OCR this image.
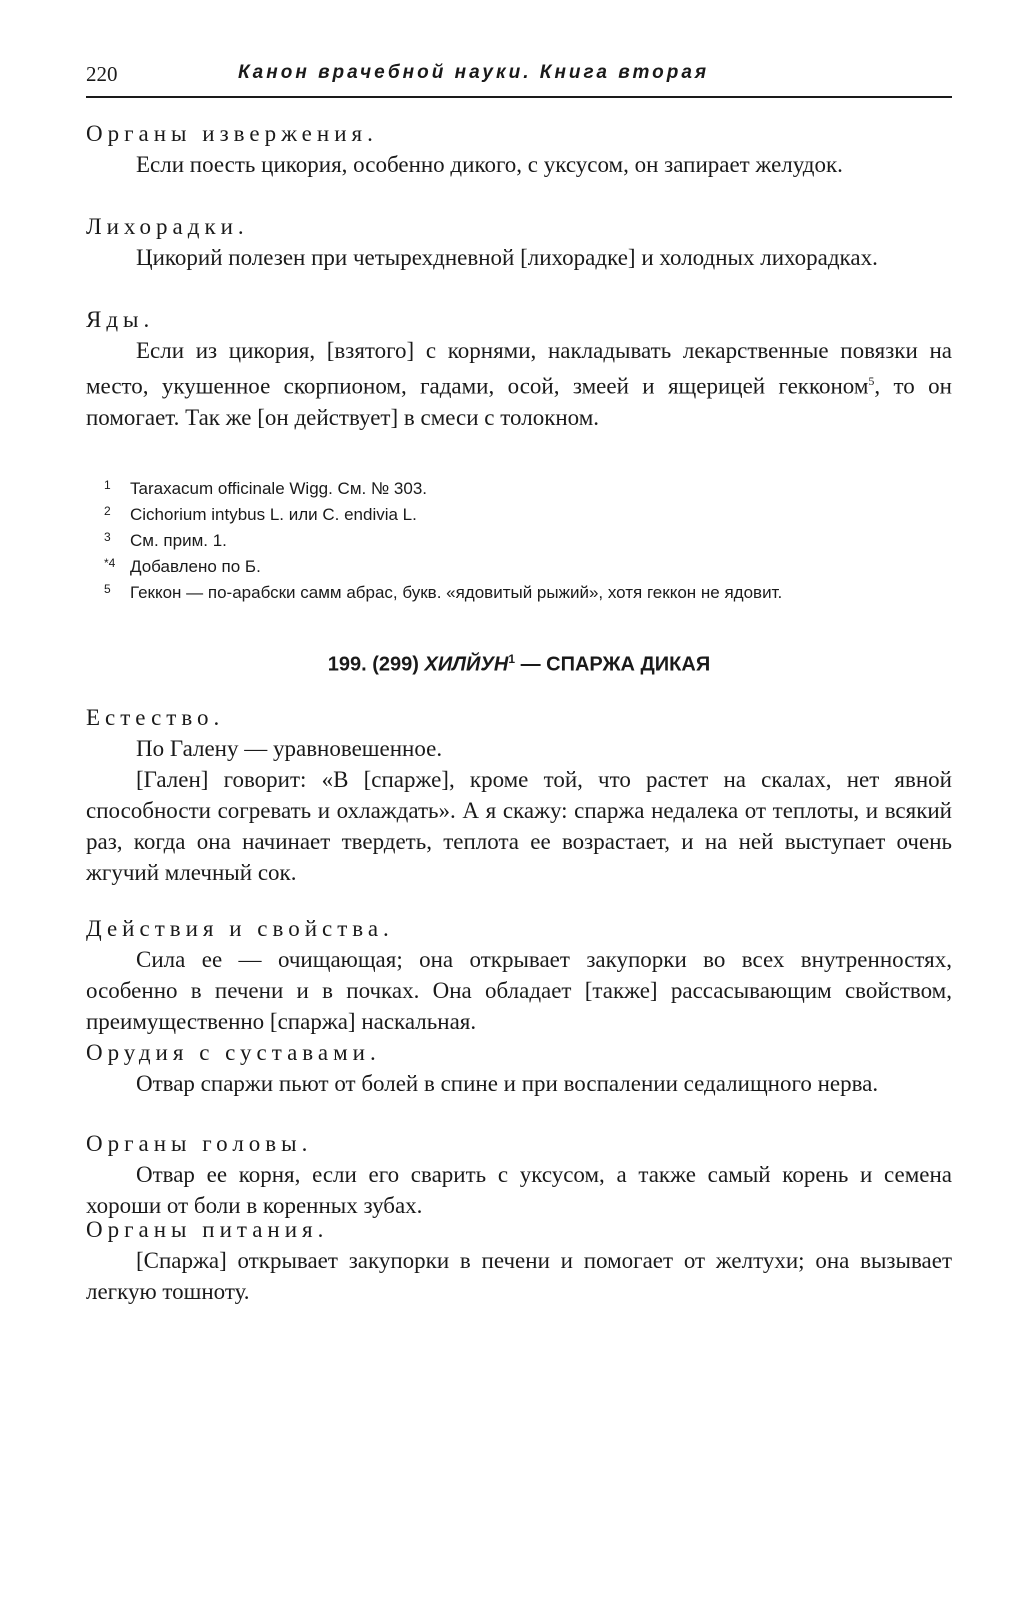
220	Канон врачебной науки. Книга вторая
Органы извержения.
Если поесть цикория, особенно дикого, с уксусом, он запирает желудок.
Лихорадки.
Цикорий полезен при четырехдневной [лихорадке] и холодных лихорадках.
Яды.
Если из цикория, [взятого] с корнями, накладывать лекарственные повязки на место, укушенное скорпионом, гадами, осой, змеей и ящерицей гекконом$^5$, то он помогает. Так же [он действует] в смеси с толокном.
1	Taraxacum officinale Wigg. См. № 303.
2	Cichorium intybus L. или C. endivia L.
3	См. прим. 1.
*4 Добавлено по Б.
5	Геккон — по-арабски самм абрас, букв. «ядовитый рыжий», хотя геккон не ядовит.
199. (299) ХИЛЙУН$^1$ — СПАРЖА ДИКАЯ
Естество.
По Галену — уравновешенное.
[Гален] говорит: «В [спарже], кроме той, что растет на скалах, нет явной способности согревать и охлаждать». А я скажу: спаржа недалека от теплоты, и всякий раз, когда она начинает твердеть, теплота ее возрастает, и на ней выступает очень жгучий млечный сок.
Действия и свойства.
Сила ее — очищающая; она открывает закупорки во всех внутренностях, особенно в печени и в почках. Она обладает [также] рассасывающим свойством, преимущественно [спаржа] наскальная.
Орудия с суставами.
Отвар спаржи пьют от болей в спине и при воспалении седалищного нерва.
Органы головы.
Отвар ее корня, если его сварить с уксусом, а также самый корень и семена хороши от боли в коренных зубах.
Органы питания.
[Спаржа] открывает закупорки в печени и помогает от желтухи; она вызывает легкую тошноту.
